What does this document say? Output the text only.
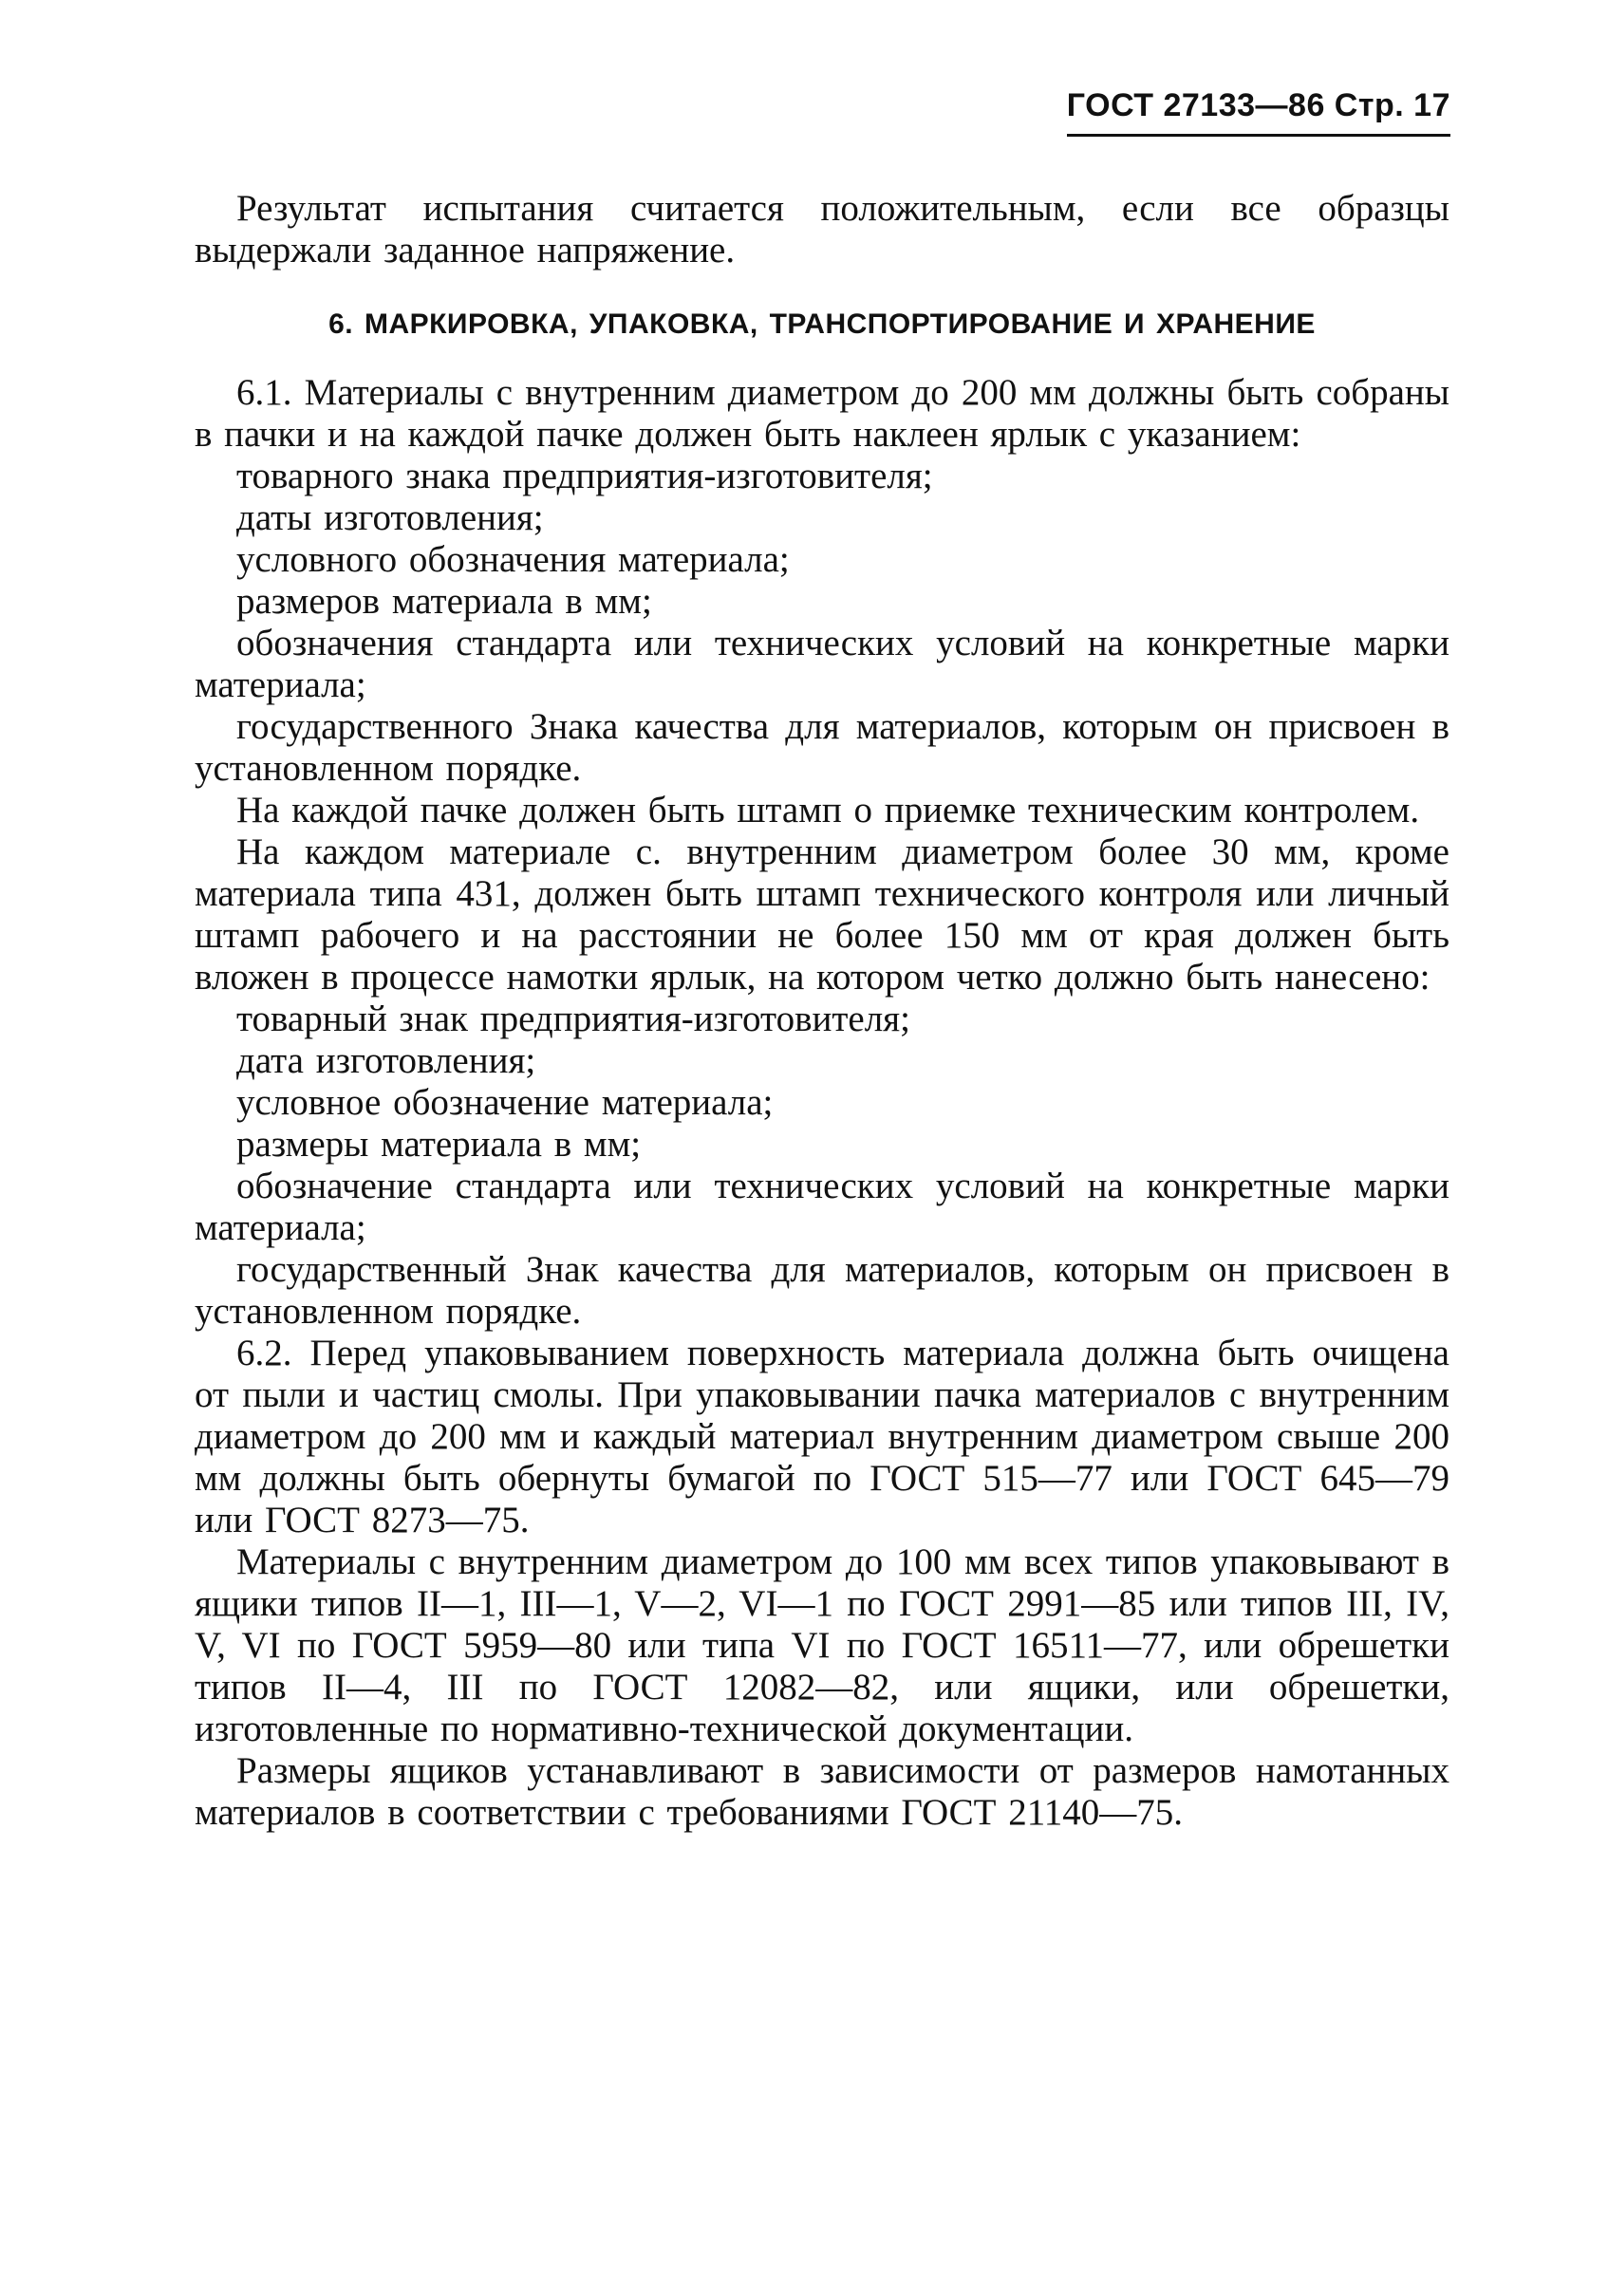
ГОСТ 27133—86 Стр. 17

Результат испытания считается положительным, если все образцы выдержали заданное напряжение.

6. МАРКИРОВКА, УПАКОВКА, ТРАНСПОРТИРОВАНИЕ И ХРАНЕНИЕ

6.1. Материалы с внутренним диаметром до 200 мм должны быть собраны в пачки и на каждой пачке должен быть наклеен ярлык с указанием:

товарного знака предприятия-изготовителя;

даты изготовления;

условного обозначения материала;

размеров материала в мм;

обозначения стандарта или технических условий на конкретные марки материала;

государственного Знака качества для материалов, которым он присвоен в установленном порядке.

На каждой пачке должен быть штамп о приемке техническим контролем.

На каждом материале с. внутренним диаметром более 30 мм, кроме материала типа 431, должен быть штамп технического контроля или личный штамп рабочего и на расстоянии не более 150 мм от края должен быть вложен в процессе намотки ярлык, на котором четко должно быть нанесено:

товарный знак предприятия-изготовителя;

дата изготовления;

условное обозначение материала;

размеры материала в мм;

обозначение стандарта или технических условий на конкретные марки материала;

государственный Знак качества для материалов, которым он присвоен в установленном порядке.

6.2. Перед упаковыванием поверхность материала должна быть очищена от пыли и частиц смолы. При упаковывании пачка материалов с внутренним диаметром до 200 мм и каждый материал внутренним диаметром свыше 200 мм должны быть обернуты бумагой по ГОСТ 515—77 или ГОСТ 645—79 или ГОСТ 8273—75.

Материалы с внутренним диаметром до 100 мм всех типов упаковывают в ящики типов II—1, III—1, V—2, VI—1 по ГОСТ 2991—85 или типов III, IV, V, VI по ГОСТ 5959—80 или типа VI по ГОСТ 16511—77, или обрешетки типов II—4, III по ГОСТ 12082—82, или ящики, или обрешетки, изготовленные по нормативно-технической документации.

Размеры ящиков устанавливают в зависимости от размеров намотанных материалов в соответствии с требованиями ГОСТ 21140—75.
